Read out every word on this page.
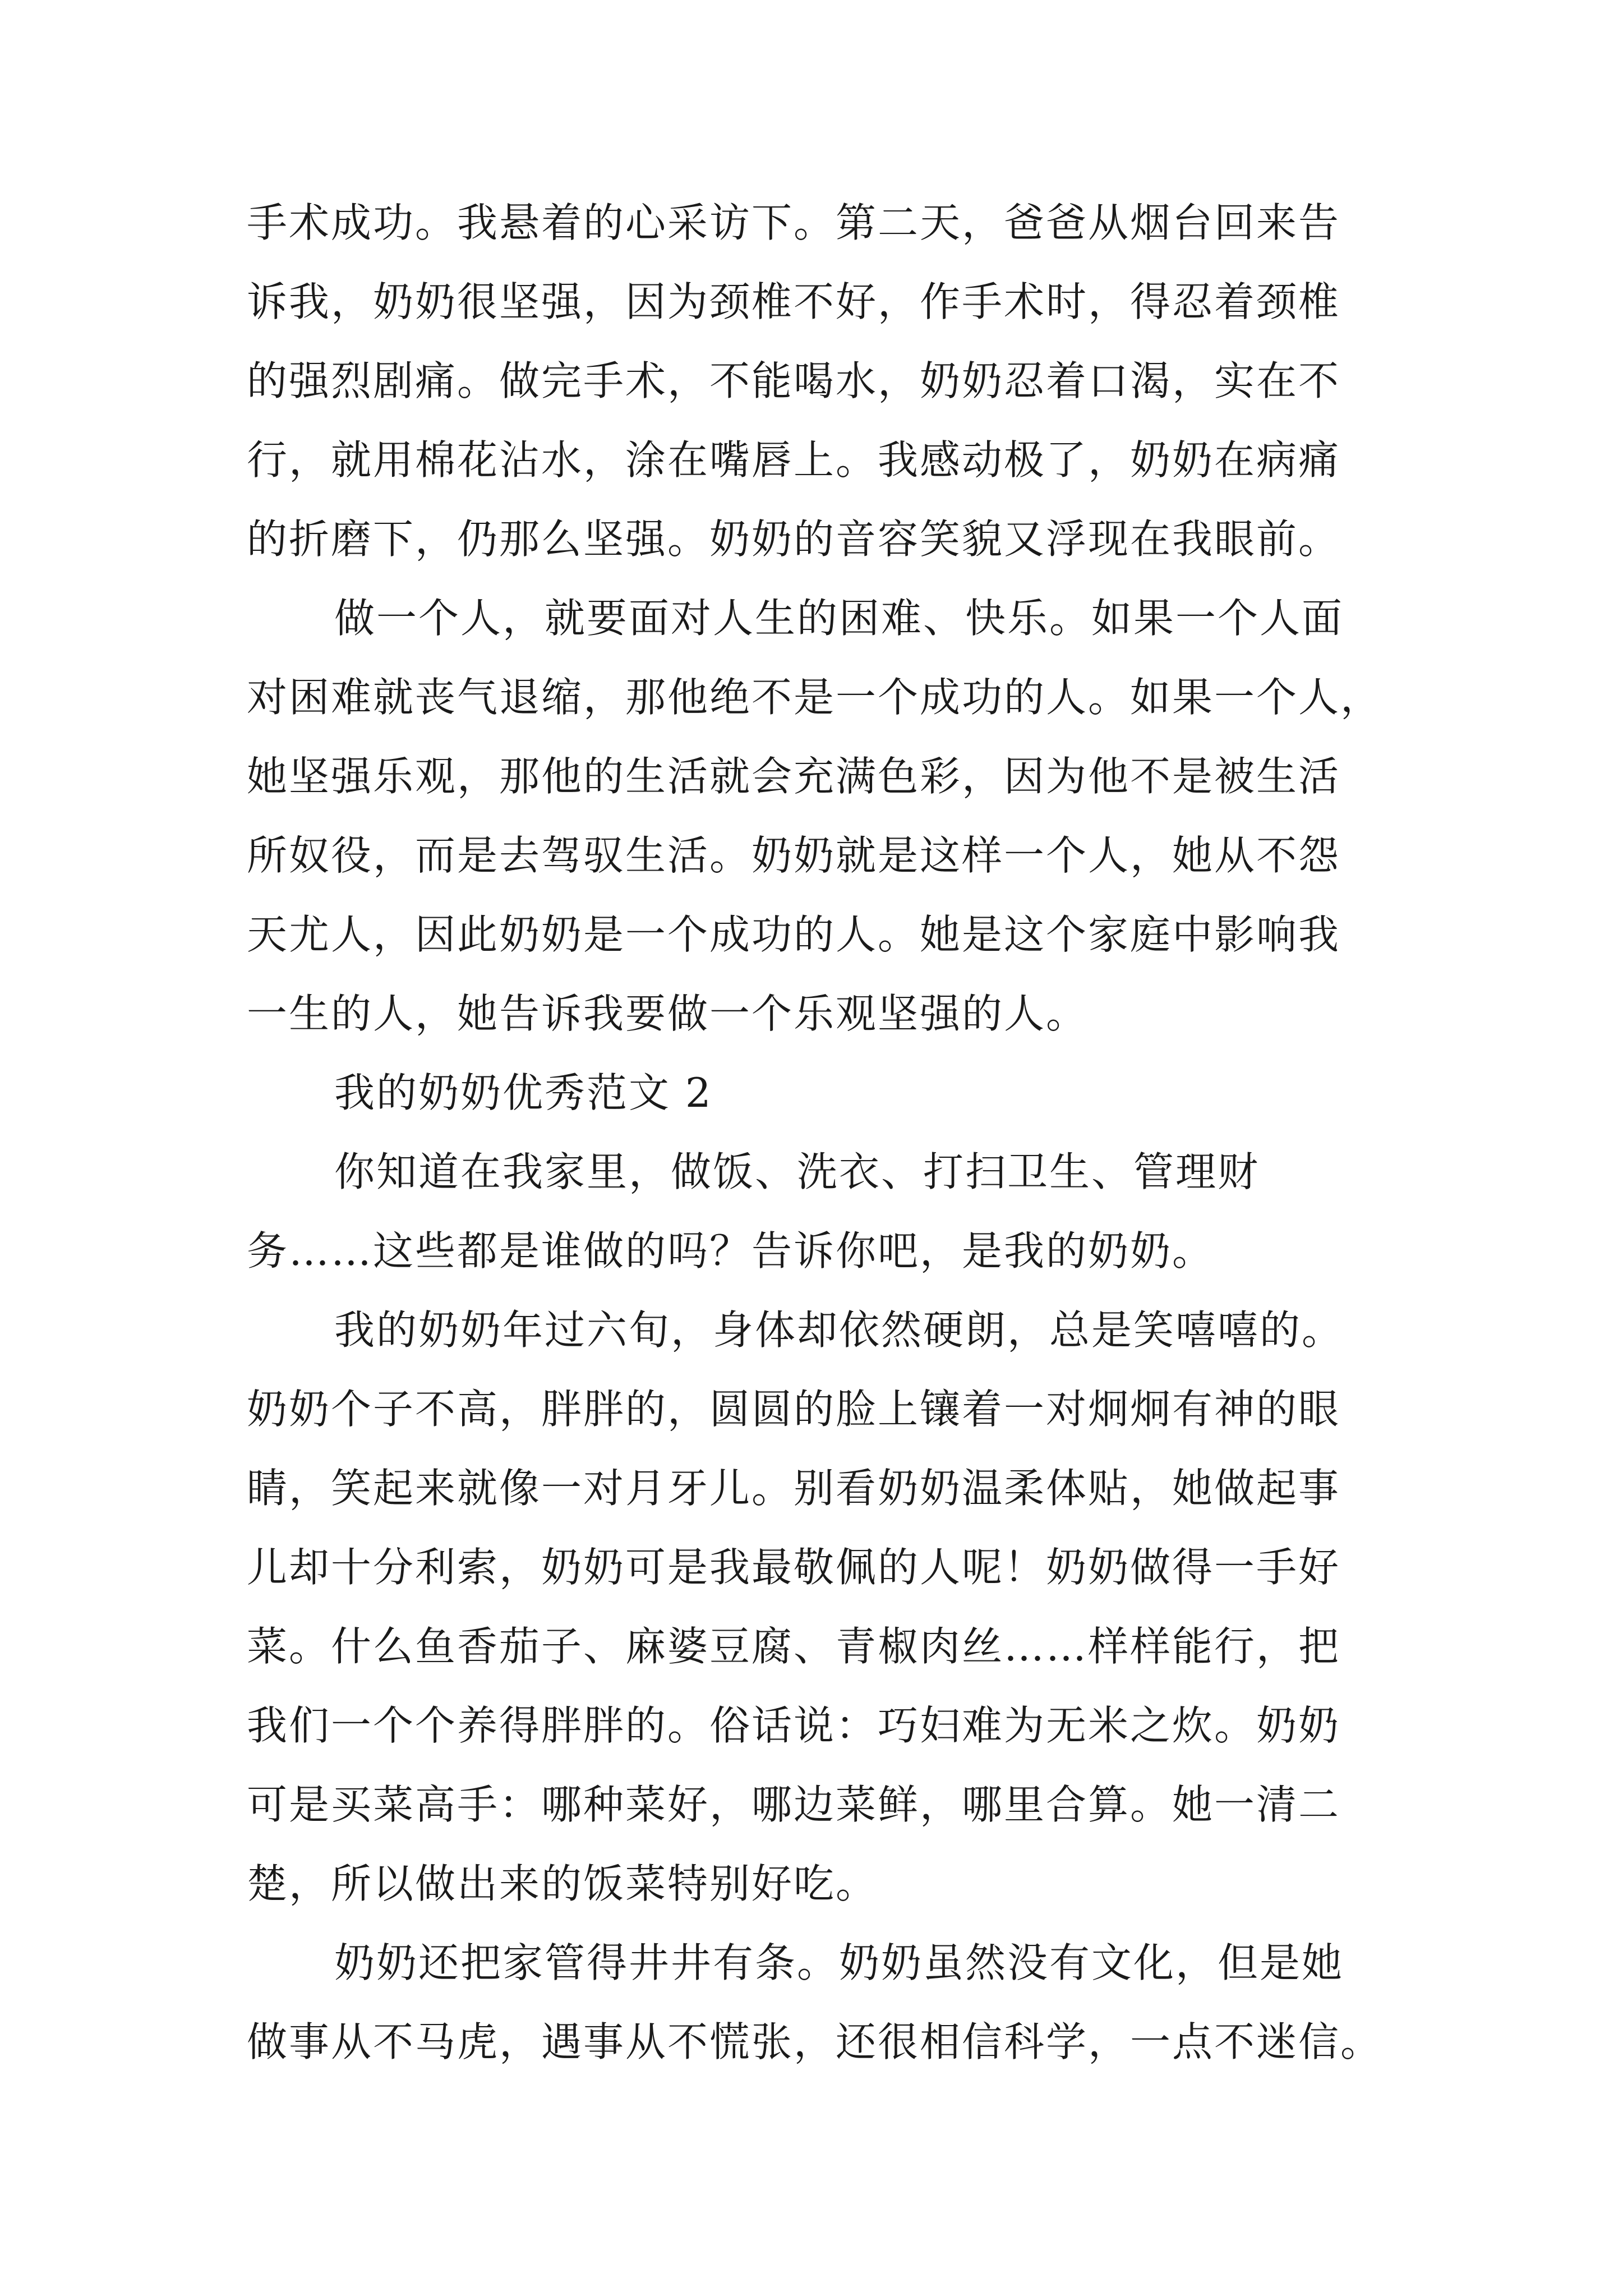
手术成功。我悬着的心采访下。第二天，爸爸从烟台回来告
诉我，奶奶很坚强，因为颈椎不好，作手术时，得忍着颈椎
的强烈剧痛。做完手术，不能喝水，奶奶忍着口渴，实在不
行，就用棉花沾水，涂在嘴唇上。我感动极了，奶奶在病痛
的折磨下，仍那么坚强。奶奶的音容笑貌又浮现在我眼前。
做一个人，就要面对人生的困难、快乐。如果一个人面
对困难就丧气退缩，那他绝不是一个成功的人。如果一个人，
她坚强乐观，那他的生活就会充满色彩，因为他不是被生活
所奴役，而是去驾驭生活。奶奶就是这样一个人，她从不怨
天尤人，因此奶奶是一个成功的人。她是这个家庭中影响我
一生的人，她告诉我要做一个乐观坚强的人。
我的奶奶优秀范文 2
你知道在我家里，做饭、洗衣、打扫卫生、管理财
务……这些都是谁做的吗？告诉你吧，是我的奶奶。
我的奶奶年过六旬，身体却依然硬朗，总是笑嘻嘻的。
奶奶个子不高，胖胖的，圆圆的脸上镶着一对炯炯有神的眼
睛，笑起来就像一对月牙儿。别看奶奶温柔体贴，她做起事
儿却十分利索，奶奶可是我最敬佩的人呢！奶奶做得一手好
菜。什么鱼香茄子、麻婆豆腐、青椒肉丝……样样能行，把
我们一个个养得胖胖的。俗话说：巧妇难为无米之炊。奶奶
可是买菜高手：哪种菜好，哪边菜鲜，哪里合算。她一清二
楚，所以做出来的饭菜特别好吃。
奶奶还把家管得井井有条。奶奶虽然没有文化，但是她
做事从不马虎，遇事从不慌张，还很相信科学，一点不迷信。
